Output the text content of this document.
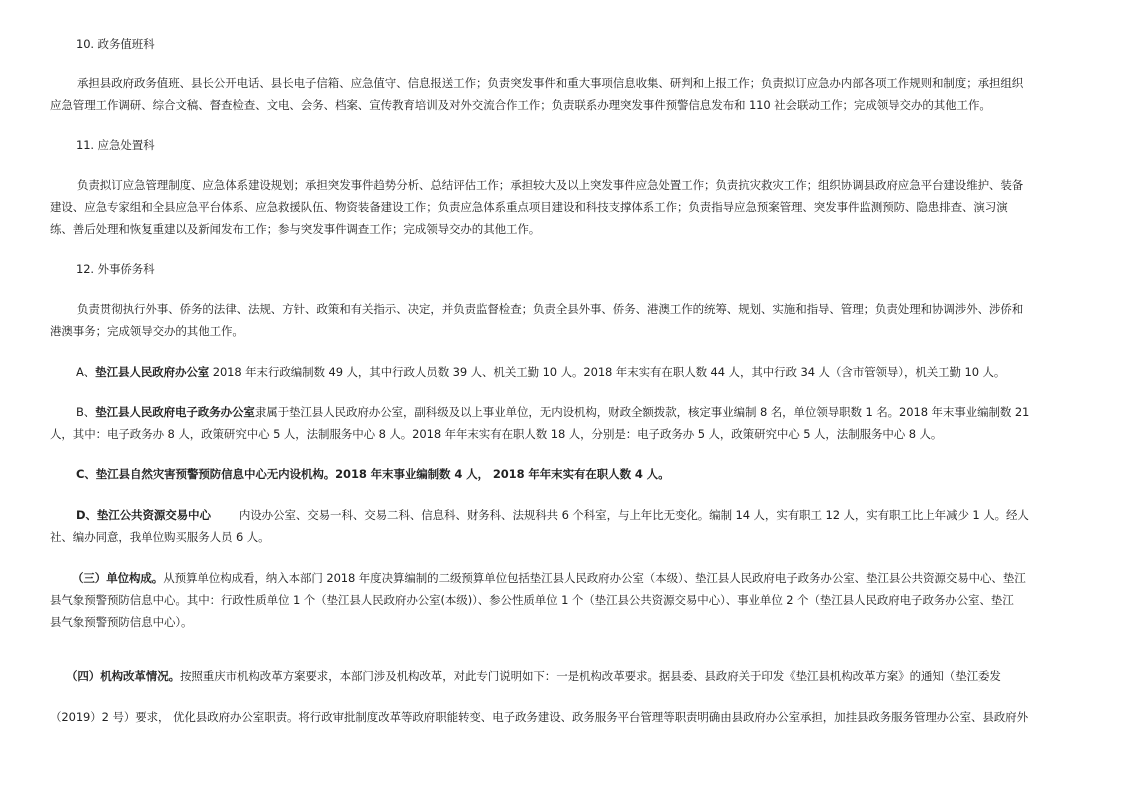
10. 政务值班科

承担县政府政务值班、县长公开电话、县长电子信箱、应急值守、信息报送工作；负责突发事件和重大事项信息收集、研判和上报工作；负责拟订应急办内部各项工作规则和制度；承担组织
应急管理工作调研、综合文稿、督查检查、文电、会务、档案、宣传教育培训及对外交流合作工作；负责联系办理突发事件预警信息发布和 110 社会联动工作；完成领导交办的其他工作。

11. 应急处置科

负责拟订应急管理制度、应急体系建设规划；承担突发事件趋势分析、总结评估工作；承担较大及以上突发事件应急处置工作；负责抗灾救灾工作；组织协调县政府应急平台建设维护、装备
建设、应急专家组和全县应急平台体系、应急救援队伍、物资装备建设工作；负责应急体系重点项目建设和科技支撑体系工作；负责指导应急预案管理、突发事件监测预防、隐患排查、演习演
练、善后处理和恢复重建以及新闻发布工作；参与突发事件调查工作；完成领导交办的其他工作。

12. 外事侨务科

负责贯彻执行外事、侨务的法律、法规、方针、政策和有关指示、决定，并负责监督检查；负责全县外事、侨务、港澳工作的统筹、规划、实施和指导、管理；负责处理和协调涉外、涉侨和
港澳事务；完成领导交办的其他工作。

A、垫江县人民政府办公室 2018 年末行政编制数 49 人，其中行政人员数 39 人、机关工勤 10 人。2018 年末实有在职人数 44 人，其中行政 34 人（含市管领导），机关工勤 10 人。

B、垫江县人民政府电子政务办公室隶属于垫江县人民政府办公室，副科级及以上事业单位，无内设机构，财政全额拨款，核定事业编制 8 名，单位领导职数 1 名。2018 年末事业编制数 21
人，其中：电子政务办 8 人，政策研究中心 5 人，法制服务中心 8 人。2018 年年末实有在职人数 18 人，分别是：电子政务办 5 人，政策研究中心 5 人，法制服务中心 8 人。

C、垫江县自然灾害预警预防信息中心无内设机构。2018 年末事业编制数 4 人， 2018 年年末实有在职人数 4 人。

D、垫江公共资源交易中心 内设办公室、交易一科、交易二科、信息科、财务科、法规科共 6 个科室，与上年比无变化。编制 14 人，实有职工 12 人，实有职工比上年减少 1 人。经人
社、编办同意，我单位购买服务人员 6 人。

（三）单位构成。从预算单位构成看，纳入本部门 2018 年度决算编制的二级预算单位包括垫江县人民政府办公室（本级）、垫江县人民政府电子政务办公室、垫江县公共资源交易中心、垫江
县气象预警预防信息中心。其中：行政性质单位 1 个（垫江县人民政府办公室(本级)）、参公性质单位 1 个（垫江县公共资源交易中心）、事业单位 2 个（垫江县人民政府电子政务办公室、垫江
县气象预警预防信息中心）。

（四）机构改革情况。按照重庆市机构改革方案要求，本部门涉及机构改革，对此专门说明如下：一是机构改革要求。据县委、县政府关于印发《垫江县机构改革方案》的通知（垫江委发

（2019）2 号）要求， 优化县政府办公室职责。将行政审批制度改革等政府职能转变、电子政务建设、政务服务平台管理等职责明确由县政府办公室承担，加挂县政务服务管理办公室、县政府外
